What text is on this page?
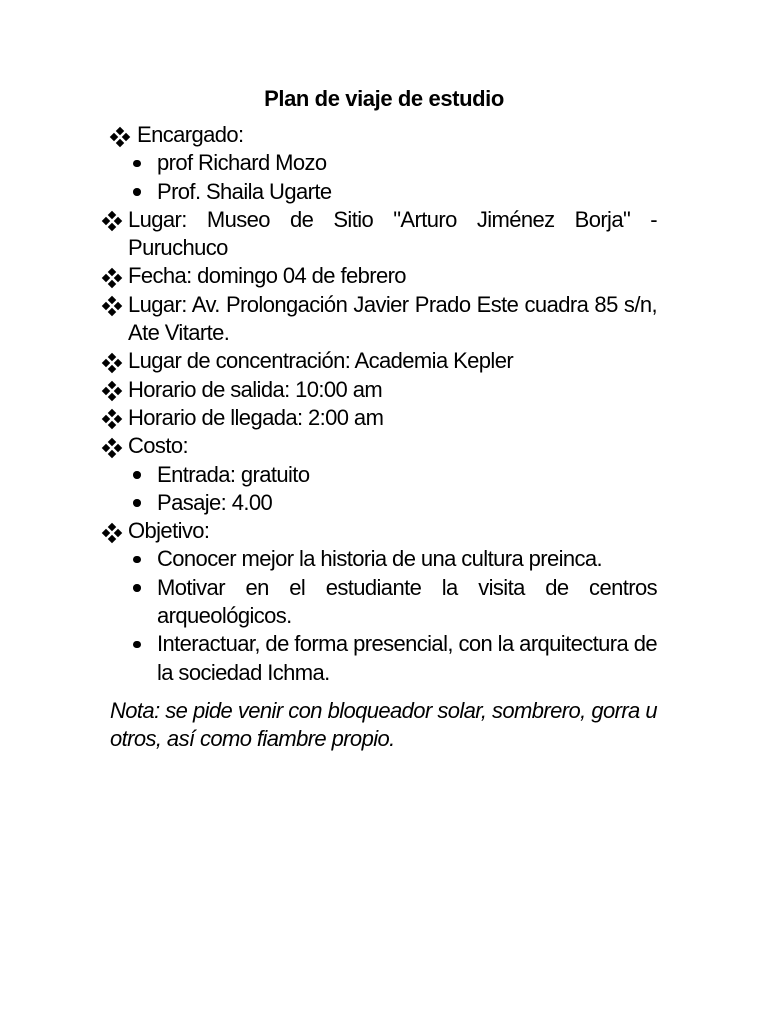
Plan de viaje de estudio
Encargado:
prof Richard Mozo
Prof. Shaila Ugarte
Lugar: Museo de Sitio "Arturo Jiménez Borja" - Puruchuco
Fecha: domingo 04 de febrero
Lugar: Av. Prolongación Javier Prado Este cuadra 85 s/n, Ate Vitarte.
Lugar de concentración: Academia Kepler
Horario de salida: 10:00 am
Horario de llegada: 2:00 am
Costo:
Entrada: gratuito
Pasaje: 4.00
Objetivo:
Conocer mejor la historia de una cultura preinca.
Motivar en el estudiante la visita de centros arqueológicos.
Interactuar, de forma presencial, con la arquitectura de la sociedad Ichma.
Nota: se pide venir con bloqueador solar, sombrero, gorra u otros, así como fiambre propio.
